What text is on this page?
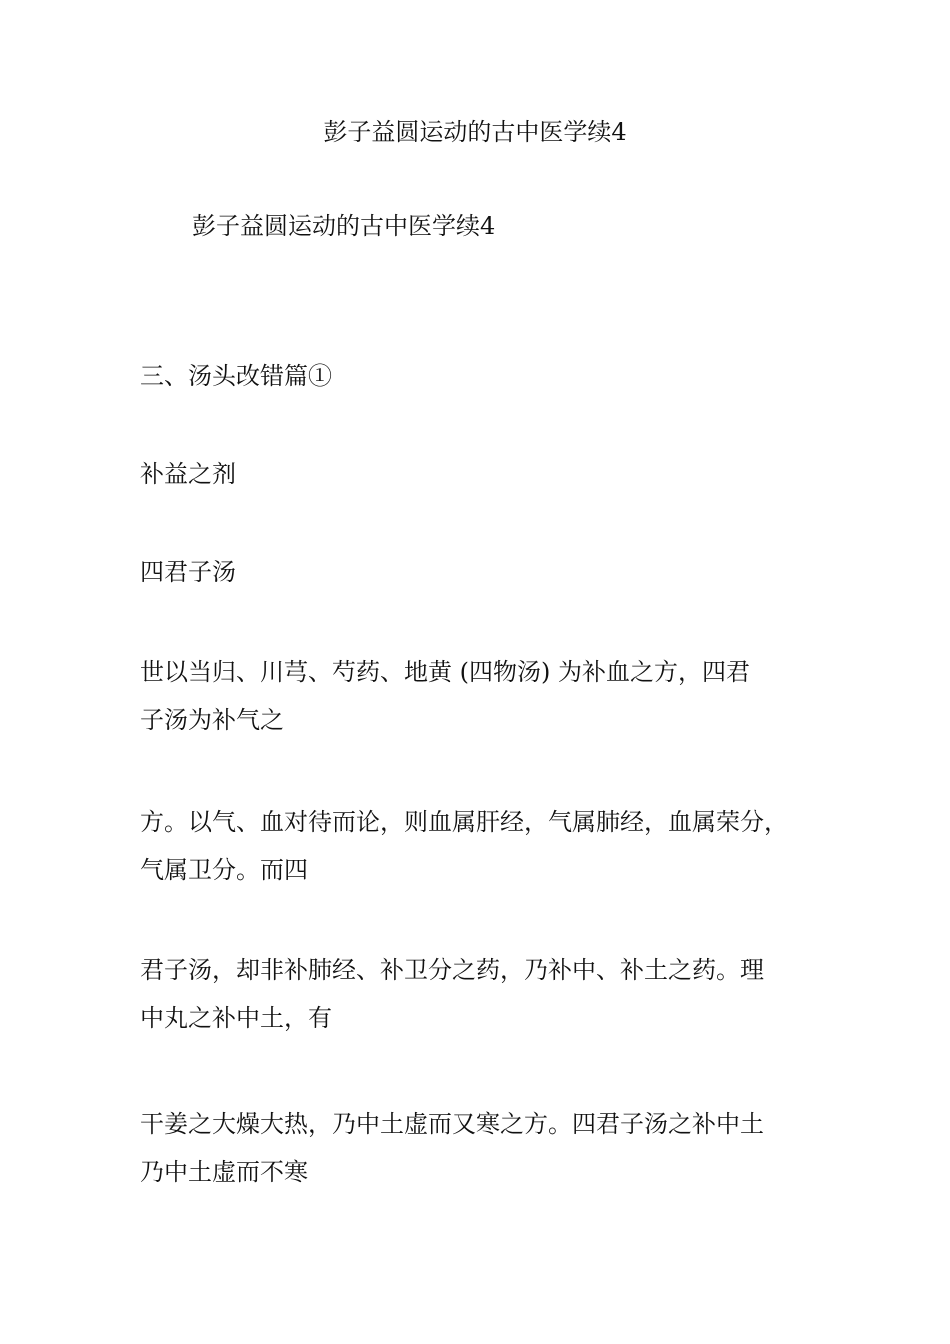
彭子益圆运动的古中医学续4
彭子益圆运动的古中医学续4
三、汤头改错篇①
补益之剂
四君子汤
世以当归、川芎、芍药、地黄 (四物汤) 为补血之方，四君
子汤为补气之
方。以气、血对待而论，则血属肝经，气属肺经，血属荣分，
气属卫分。而四
君子汤，却非补肺经、补卫分之药，乃补中、补土之药。理
中丸之补中土，有
干姜之大燥大热，乃中土虚而又寒之方。四君子汤之补中土
乃中土虚而不寒
